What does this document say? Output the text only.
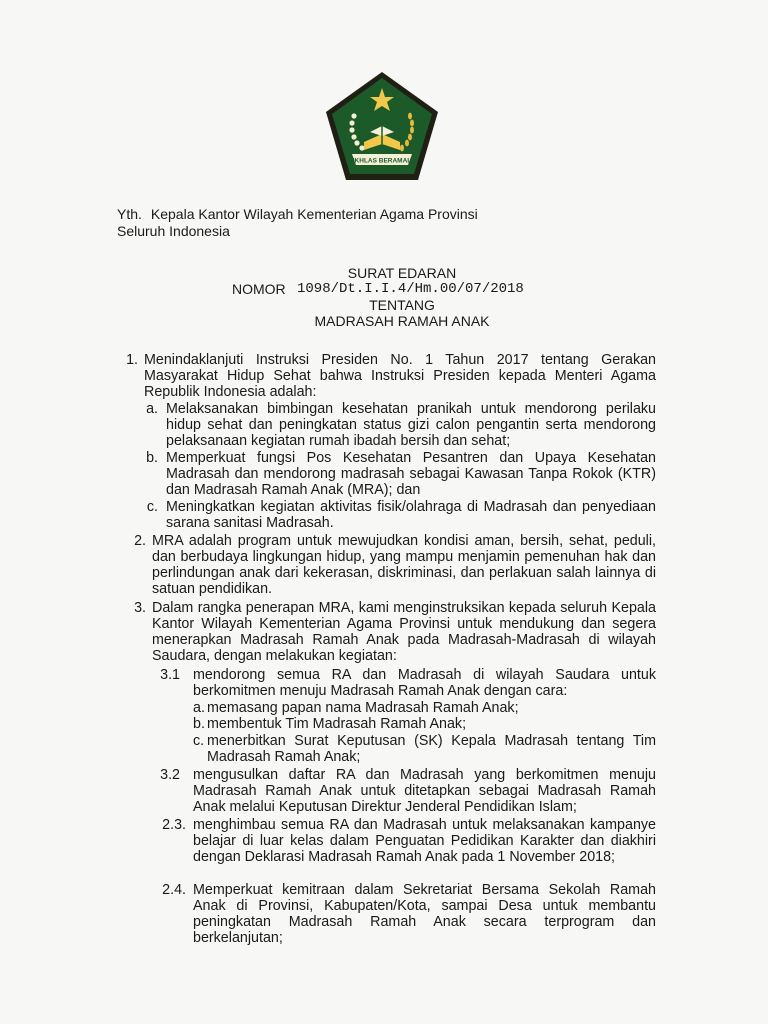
IKHLAS BERAMAL
Yth. Kepala Kantor Wilayah Kementerian Agama Provinsi
Seluruh Indonesia
SURAT EDARAN
NOMOR 1098/Dt.I.I.4/Hm.00/07/2018
TENTANG
MADRASAH RAMAH ANAK
1. Menindaklanjuti Instruksi Presiden No. 1 Tahun 2017 tentang Gerakan Masyarakat Hidup Sehat bahwa Instruksi Presiden kepada Menteri Agama Republik Indonesia adalah:
a. Melaksanakan bimbingan kesehatan pranikah untuk mendorong perilaku hidup sehat dan peningkatan status gizi calon pengantin serta mendorong pelaksanaan kegiatan rumah ibadah bersih dan sehat;
b. Memperkuat fungsi Pos Kesehatan Pesantren dan Upaya Kesehatan Madrasah dan mendorong madrasah sebagai Kawasan Tanpa Rokok (KTR) dan Madrasah Ramah Anak (MRA); dan
c. Meningkatkan kegiatan aktivitas fisik/olahraga di Madrasah dan penyediaan sarana sanitasi Madrasah.
2. MRA adalah program untuk mewujudkan kondisi aman, bersih, sehat, peduli, dan berbudaya lingkungan hidup, yang mampu menjamin pemenuhan hak dan perlindungan anak dari kekerasan, diskriminasi, dan perlakuan salah lainnya di satuan pendidikan.
3. Dalam rangka penerapan MRA, kami menginstruksikan kepada seluruh Kepala Kantor Wilayah Kementerian Agama Provinsi untuk mendukung dan segera menerapkan Madrasah Ramah Anak pada Madrasah-Madrasah di wilayah Saudara, dengan melakukan kegiatan:
3.1 mendorong semua RA dan Madrasah di wilayah Saudara untuk berkomitmen menuju Madrasah Ramah Anak dengan cara:
a. memasang papan nama Madrasah Ramah Anak;
b. membentuk Tim Madrasah Ramah Anak;
c. menerbitkan Surat Keputusan (SK) Kepala Madrasah tentang Tim Madrasah Ramah Anak;
3.2 mengusulkan daftar RA dan Madrasah yang berkomitmen menuju Madrasah Ramah Anak untuk ditetapkan sebagai Madrasah Ramah Anak melalui Keputusan Direktur Jenderal Pendidikan Islam;
2.3. menghimbau semua RA dan Madrasah untuk melaksanakan kampanye belajar di luar kelas dalam Penguatan Pedidikan Karakter dan diakhiri dengan Deklarasi Madrasah Ramah Anak pada 1 November 2018;
2.4. Memperkuat kemitraan dalam Sekretariat Bersama Sekolah Ramah Anak di Provinsi, Kabupaten/Kota, sampai Desa untuk membantu peningkatan Madrasah Ramah Anak secara terprogram dan berkelanjutan;
